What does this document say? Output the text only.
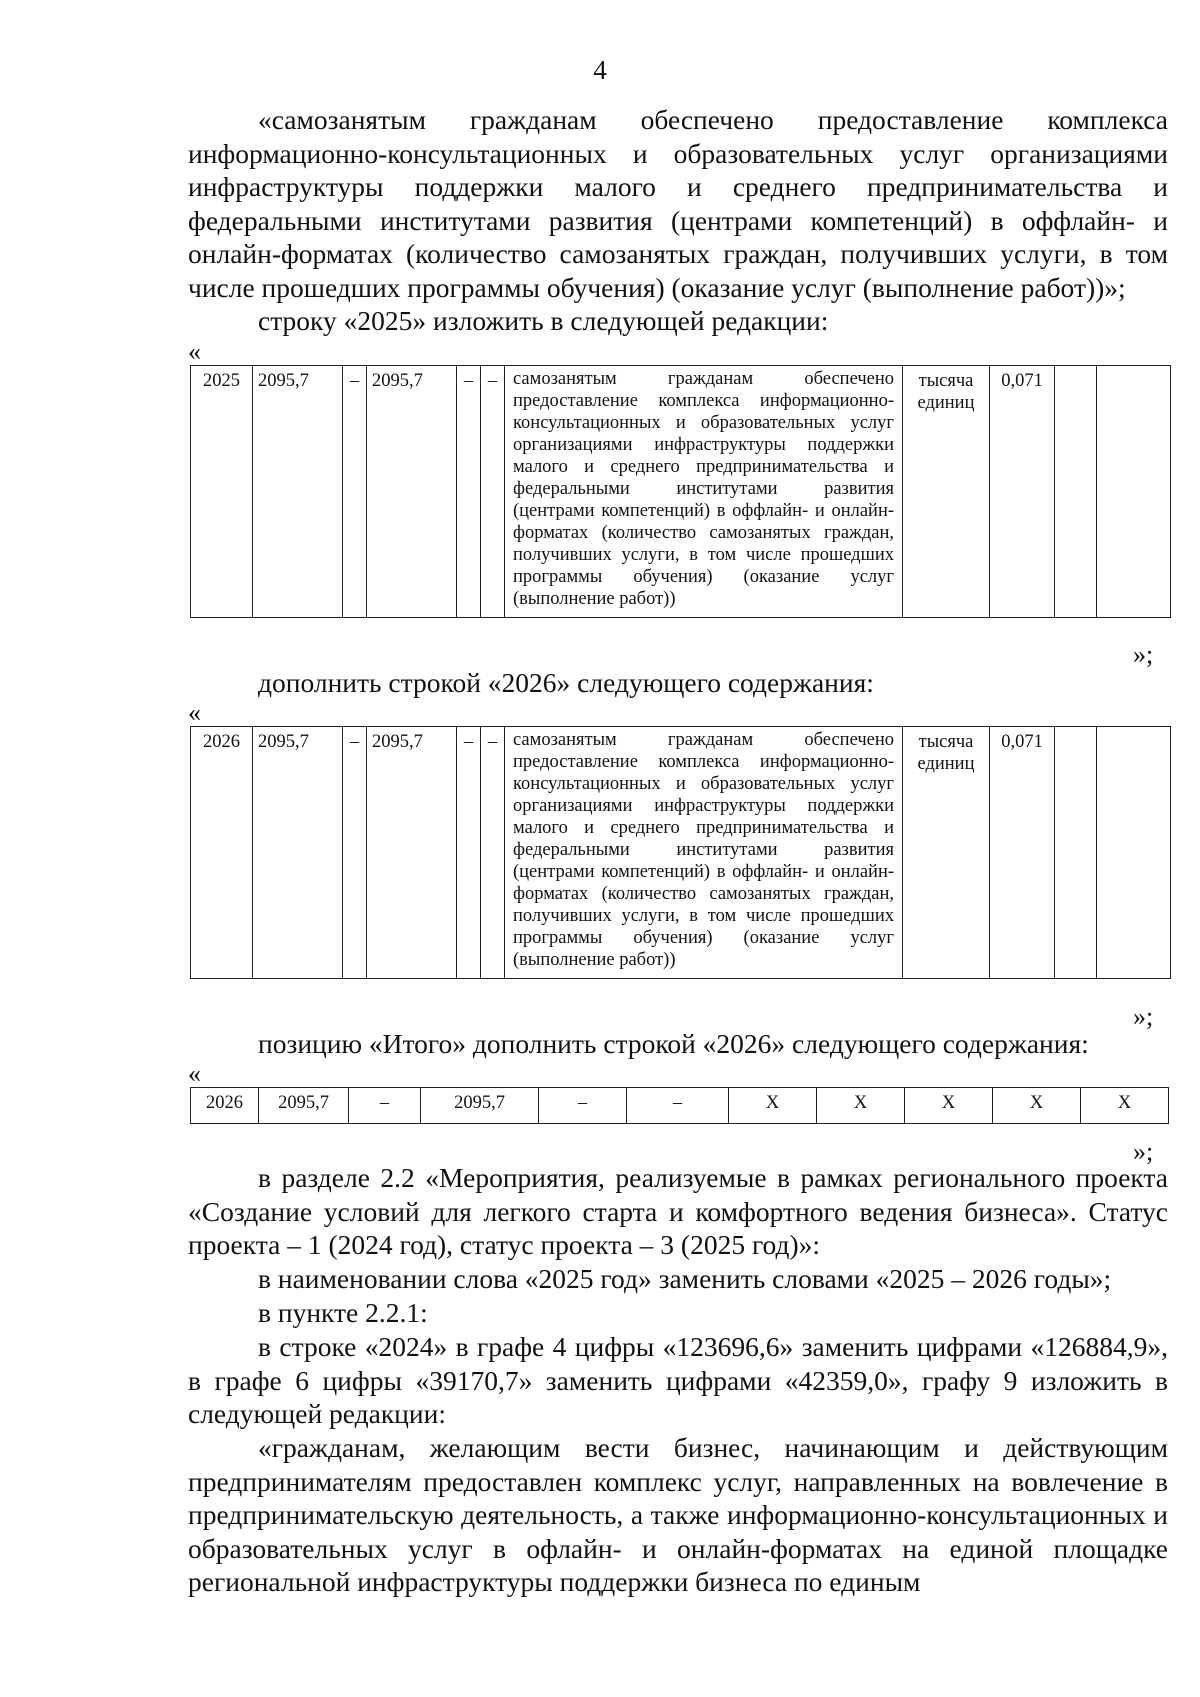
4
«самозанятым гражданам обеспечено предоставление комплекса информационно-консультационных и образовательных услуг организациями инфраструктуры поддержки малого и среднего предпринимательства и федеральными институтами развития (центрами компетенций) в оффлайн- и онлайн-форматах (количество самозанятых граждан, получивших услуги, в том числе прошедших программы обучения) (оказание услуг (выполнение работ))»;
строку «2025» изложить в следующей редакции:
«
2025	2095,7	–	2095,7	–	–	самозанятым гражданам обеспечено предоставление комплекса информационно-консультационных и образовательных услуг организациями инфраструктуры поддержки малого и среднего предпринимательства и федеральными институтами развития (центрами компетенций) в оффлайн- и онлайн- форматах (количество самозанятых граждан, получивших услуги, в том числе прошедших программы обучения) (оказание услуг (выполнение работ))	тысяча единиц	0,071		
»;
дополнить строкой «2026» следующего содержания:
«
2026	2095,7	–	2095,7	–	–	самозанятым гражданам обеспечено предоставление комплекса информационно-консультационных и образовательных услуг организациями инфраструктуры поддержки малого и среднего предпринимательства и федеральными институтами развития (центрами компетенций) в оффлайн- и онлайн- форматах (количество самозанятых граждан, получивших услуги, в том числе прошедших программы обучения) (оказание услуг (выполнение работ))	тысяча единиц	0,071		
»;
позицию «Итого» дополнить строкой «2026» следующего содержания:
«
2026	2095,7	–	2095,7	–	–	Х	Х	Х	Х	Х
»;
в разделе 2.2 «Мероприятия, реализуемые в рамках регионального проекта «Создание условий для легкого старта и комфортного ведения бизнеса». Статус проекта – 1 (2024 год), статус проекта – 3 (2025 год)»:
в наименовании слова «2025 год» заменить словами «2025 – 2026 годы»;
в пункте 2.2.1:
в строке «2024» в графе 4 цифры «123696,6» заменить цифрами «126884,9», в графе 6 цифры «39170,7» заменить цифрами «42359,0», графу 9 изложить в следующей редакции:
«гражданам, желающим вести бизнес, начинающим и действующим предпринимателям предоставлен комплекс услуг, направленных на вовлечение в предпринимательскую деятельность, а также информационно-консультационных и образовательных услуг в офлайн- и онлайн-форматах на единой площадке региональной инфраструктуры поддержки бизнеса по единым
